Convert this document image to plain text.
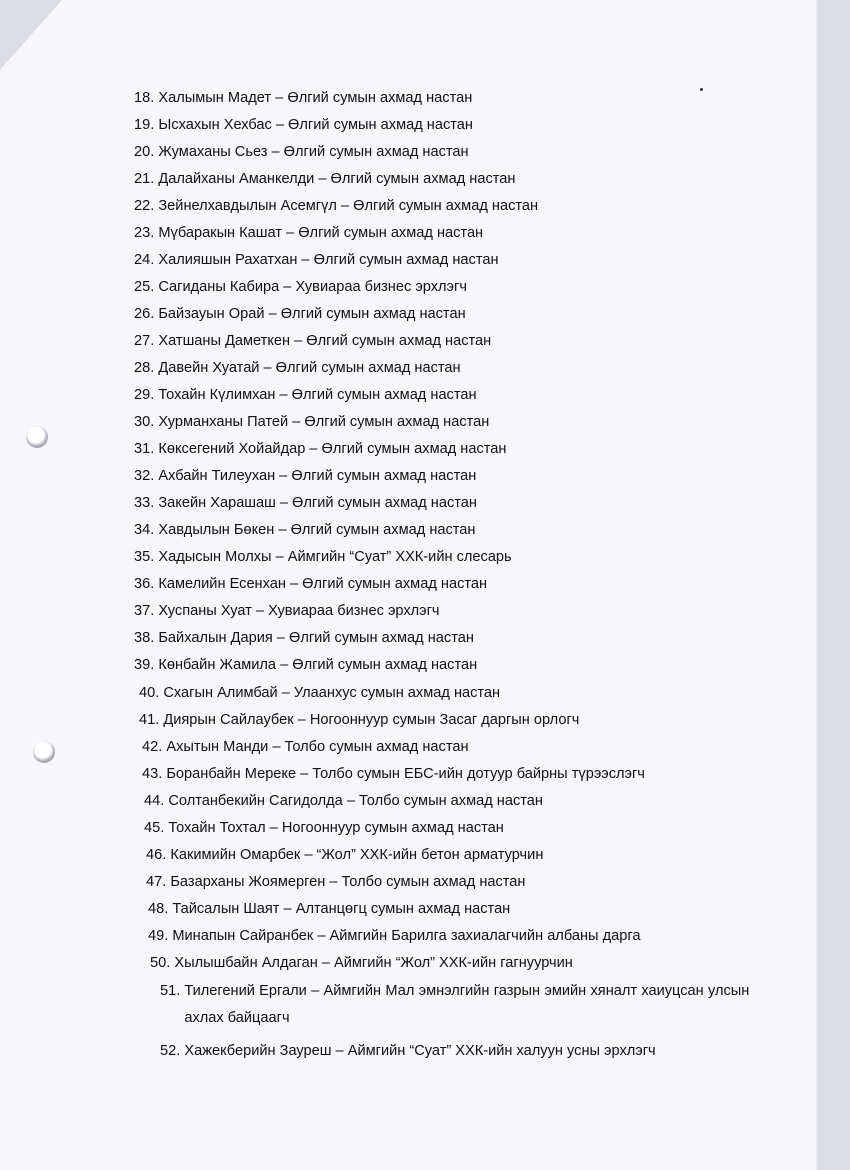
18. Халымын Мадет – Өлгий сумын ахмад настан
19. Ысхахын Хехбас – Өлгий сумын ахмад настан
20. Жумаханы Сьез – Өлгий сумын ахмад настан
21. Далайханы Аманкелди – Өлгий сумын ахмад настан
22. Зейнелхавдылын Асемгүл – Өлгий сумын ахмад настан
23. Мүбаракын Кашат – Өлгий сумын ахмад настан
24. Халияшын Рахатхан – Өлгий сумын ахмад настан
25. Сагиданы Кабира – Хувиараа бизнес эрхлэгч
26. Байзауын Орай – Өлгий сумын ахмад настан
27. Хатшаны Даметкен – Өлгий сумын ахмад настан
28. Давейн Хуатай – Өлгий сумын ахмад настан
29. Тохайн Күлимхан – Өлгий сумын ахмад настан
30. Хурманханы Патей – Өлгий сумын ахмад настан
31. Көксегений Хойайдар – Өлгий сумын ахмад настан
32. Ахбайн Тилеухан – Өлгий сумын ахмад настан
33. Закейн Харашаш – Өлгий сумын ахмад настан
34. Хавдылын Бөкен – Өлгий сумын ахмад настан
35. Хадысын Молхы – Аймгийн “Суат” ХХК-ийн слесарь
36. Камелийн Есенхан – Өлгий сумын ахмад настан
37. Хуспаны Хуат – Хувиараа бизнес эрхлэгч
38. Байхалын Дария – Өлгий сумын ахмад настан
39. Көнбайн Жамила – Өлгий сумын ахмад настан
40. Схагын Алимбай – Улаанхус сумын ахмад настан
41. Диярын Сайлаубек – Ногооннуур сумын Засаг даргын орлогч
42. Ахытын Манди – Толбо сумын ахмад настан
43. Боранбайн Мереке – Толбо сумын ЕБС-ийн дотуур байрны түрээслэгч
44. Солтанбекийн Сагидолда – Толбо сумын ахмад настан
45. Тохайн Тохтал – Ногооннуур сумын ахмад настан
46. Какимийн Омарбек – “Жол” ХХК-ийн бетон арматурчин
47. Базарханы Жоямерген – Толбо сумын ахмад настан
48. Тайсалын Шаят – Алтанцөгц сумын ахмад настан
49. Минапын Сайранбек – Аймгийн Барилга захиалагчийн албаны дарга
50. Хылышбайн Алдаган – Аймгийн “Жол” ХХК-ийн гагнуурчин
51. Тилегений Ергали – Аймгийн Мал эмнэлгийн газрын эмийн хяналт хаиуцсан улсын ахлах байцаагч
52. Хажекберийн Зауреш – Аймгийн “Суат” ХХК-ийн халуун усны эрхлэгч
